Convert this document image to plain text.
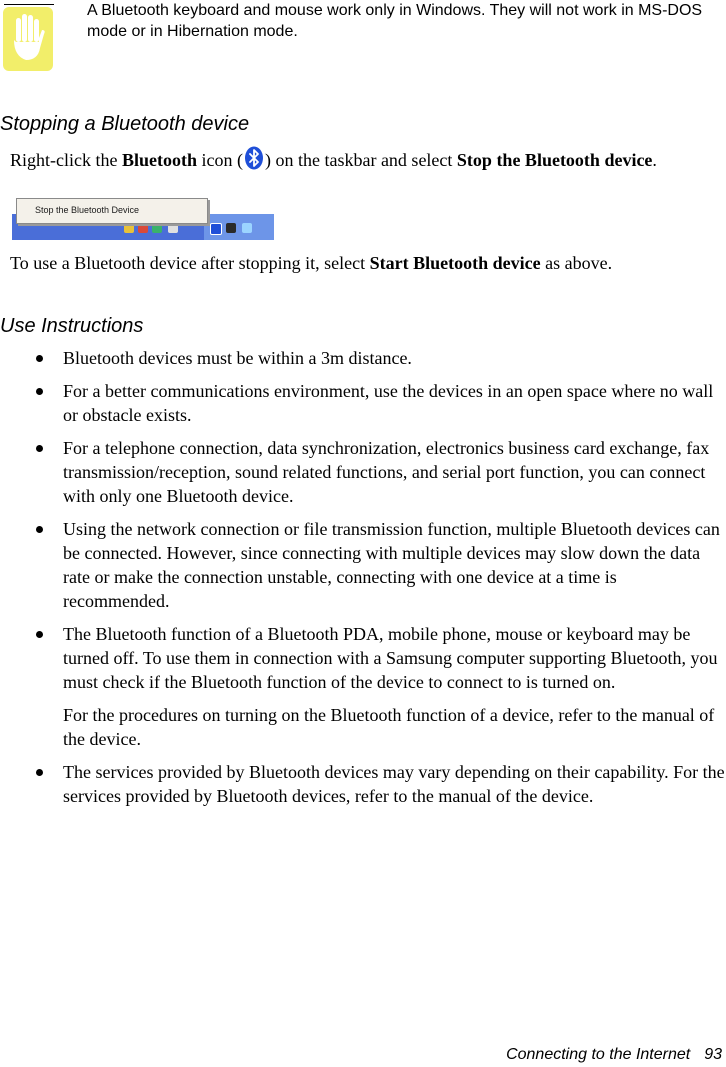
A Bluetooth keyboard and mouse work only in Windows. They will not work in MS-DOS mode or in Hibernation mode.
Stopping a Bluetooth device
Right-click the Bluetooth icon ( ) on the taskbar and select Stop the Bluetooth device.
Stop the Bluetooth Device
To use a Bluetooth device after stopping it, select Start Bluetooth device as above.
Use Instructions
Bluetooth devices must be within a 3m distance.
For a better communications environment, use the devices in an open space where no wall or obstacle exists.
For a telephone connection, data synchronization, electronics business card exchange, fax transmission/reception, sound related functions, and serial port function, you can connect with only one Bluetooth device.
Using the network connection or file transmission function, multiple Bluetooth devices can be connected. However, since connecting with multiple devices may slow down the data rate or make the connection unstable, connecting with one device at a time is recommended.
The Bluetooth function of a Bluetooth PDA, mobile phone, mouse or keyboard may be turned off. To use them in connection with a Samsung computer supporting Bluetooth, you must check if the Bluetooth function of the device to connect to is turned on.
For the procedures on turning on the Bluetooth function of a device, refer to the manual of the device.
The services provided by Bluetooth devices may vary depending on their capability. For the services provided by Bluetooth devices, refer to the manual of the device.
Connecting to the Internet 93
